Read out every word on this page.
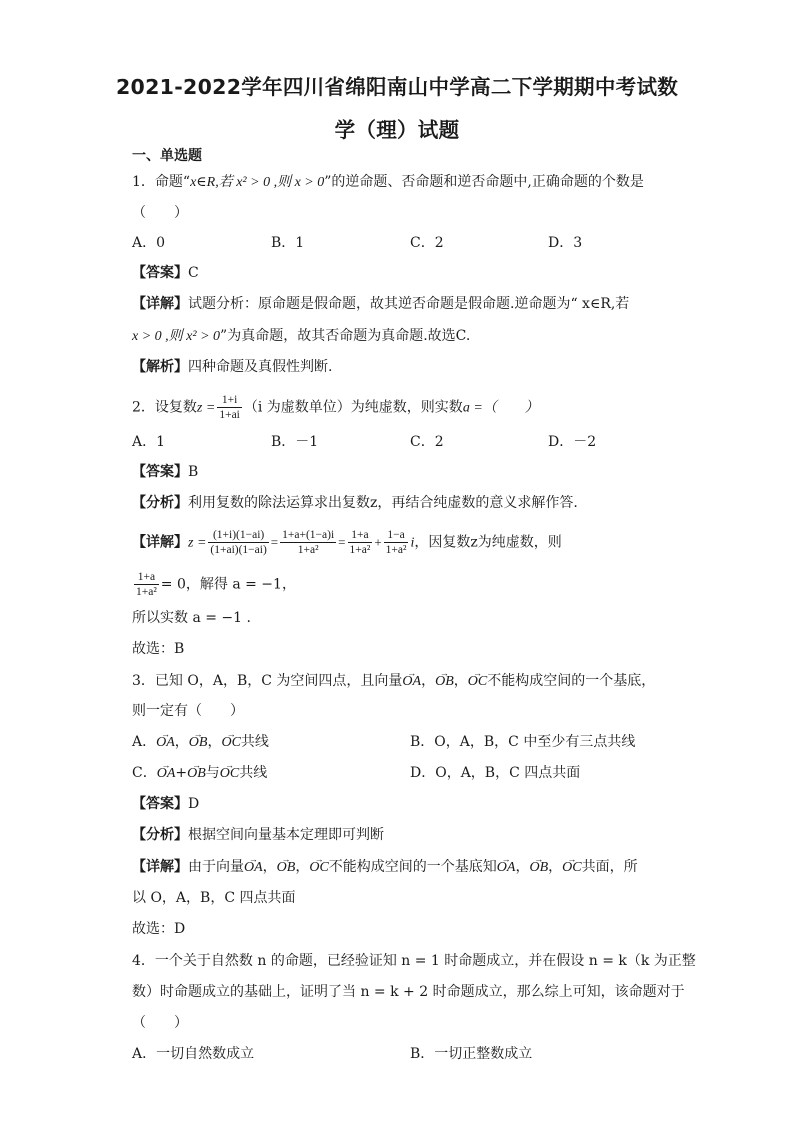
2021-2022学年四川省绵阳南山中学高二下学期期中考试数
学（理）试题
一、单选题
1．命题“x∈R,若 x² > 0 ,则 x > 0”的逆命题、否命题和逆否命题中,正确命题的个数是
（　　）
A．0	B．1	C．2	D．3
【答案】C
【详解】试题分析：原命题是假命题，故其逆否命题是假命题.逆命题为“ x∈R,若
x > 0 ,则 x² > 0”为真命题，故其否命题为真命题.故选C.
【解析】四种命题及真假性判断.
2．设复数$z = \frac{1+i}{1+ai} (i$ 为虚数单位）为纯虚数，则实数a =（　　）
A．1	B．－1	C．2	D．－2
【答案】B
【分析】利用复数的除法运算求出复数z，再结合纯虚数的意义求解作答.
【详解】$z = \frac{(1+i)(1-ai)}{(1+ai)(1-ai)} = \frac{1+a+(1-a)i}{\text{1+a²}} = \frac{1+a}{\text{1+a²}} + \frac{1-a}{\text{1+a²}}$ i，因复数z为纯虚数，则
$\frac{1+a}{\text{1+a²}} = 0$，解得 a = −1，
所以实数 a = −1 .
故选：B
3．已知 O，A，B，C 为空间四点，且向量→ OA，→ OB，→ OC不能构成空间的一个基底，
则一定有（　　）
A．→ OA，→ OB，→ OC共线	B．O，A，B，C 中至少有三点共线
C．→ OA+→ OB与→ OC共线	D．O，A，B，C 四点共面
【答案】D
【分析】根据空间向量基本定理即可判断
【详解】由于向量→ OA，→ OB，→ OC不能构成空间的一个基底知→ OA，→ OB，→ OC共面，所
以 O，A，B，C 四点共面
故选：D
4．一个关于自然数 n 的命题，已经验证知 n = 1 时命题成立，并在假设 n = k（k 为正整
数）时命题成立的基础上，证明了当 n = k + 2 时命题成立，那么综上可知，该命题对于
（　　）
A．一切自然数成立	B．一切正整数成立
